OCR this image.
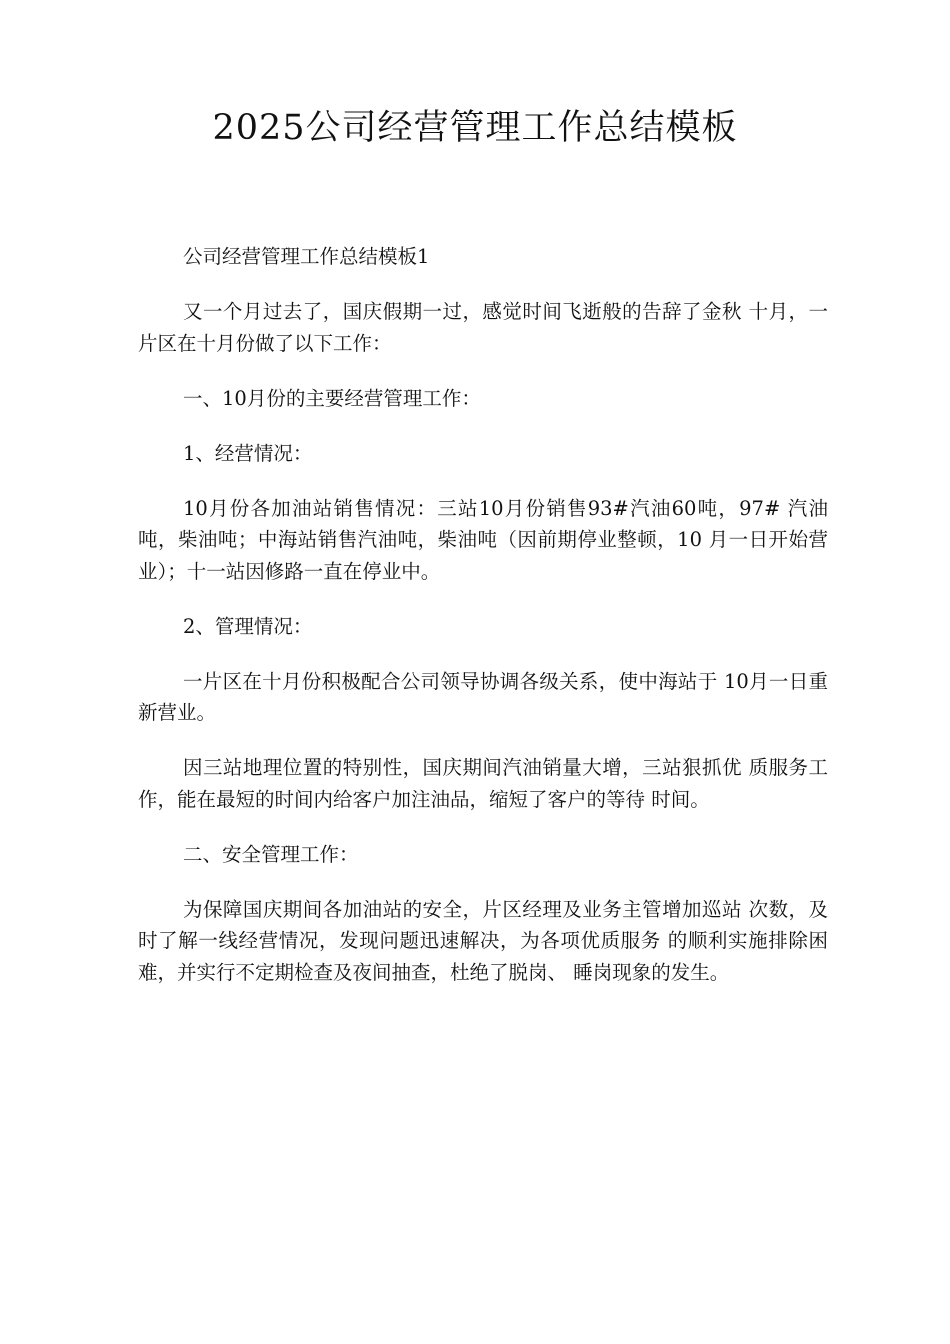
2025公司经营管理工作总结模板

公司经营管理工作总结模板1

又一个月过去了，国庆假期一过，感觉时间飞逝般的告辞了金秋 十月，一片区在十月份做了以下工作：

一、10月份的主要经营管理工作：

1、经营情况：

10月份各加油站销售情况：三站10月份销售93#汽油60吨，97# 汽油吨，柴油吨；中海站销售汽油吨，柴油吨（因前期停业整顿，10 月一日开始营业）；十一站因修路一直在停业中。

2、管理情况：

一片区在十月份积极配合公司领导协调各级关系，使中海站于 10月一日重新营业。

因三站地理位置的特别性，国庆期间汽油销量大增，三站狠抓优 质服务工作，能在最短的时间内给客户加注油品，缩短了客户的等待 时间。

二、安全管理工作：

为保障国庆期间各加油站的安全，片区经理及业务主管增加巡站 次数，及时了解一线经营情况，发现问题迅速解决，为各项优质服务 的顺利实施排除困难，并实行不定期检查及夜间抽查，杜绝了脱岗、 睡岗现象的发生。
